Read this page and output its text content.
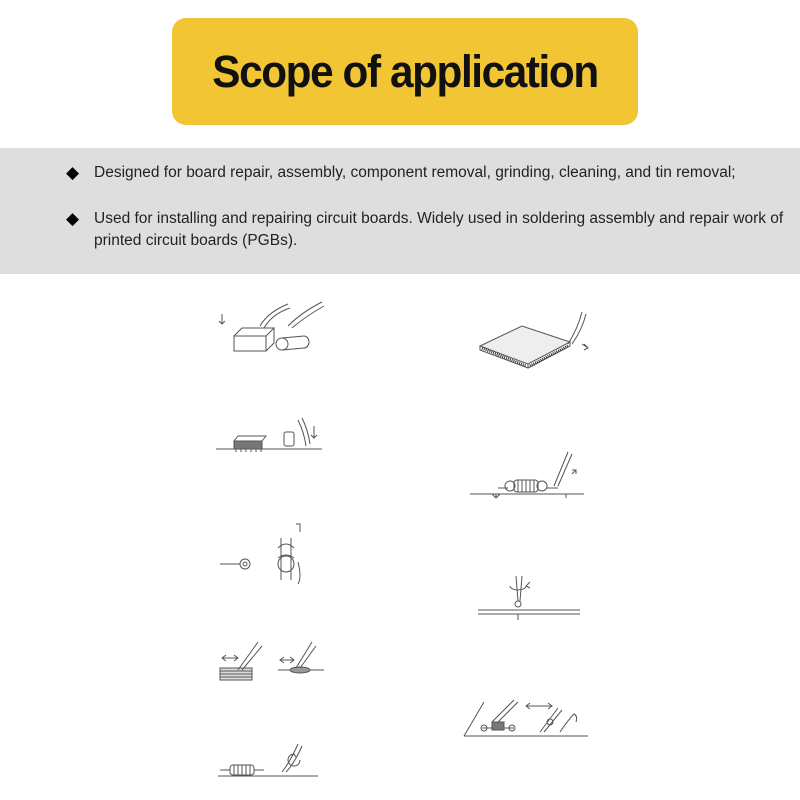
Scope of application
◆ Designed for board repair, assembly, component removal, grinding, cleaning, and tin removal;
◆ Used for installing and repairing circuit boards. Widely used in soldering assembly and repair work of printed circuit boards (PGBs).
